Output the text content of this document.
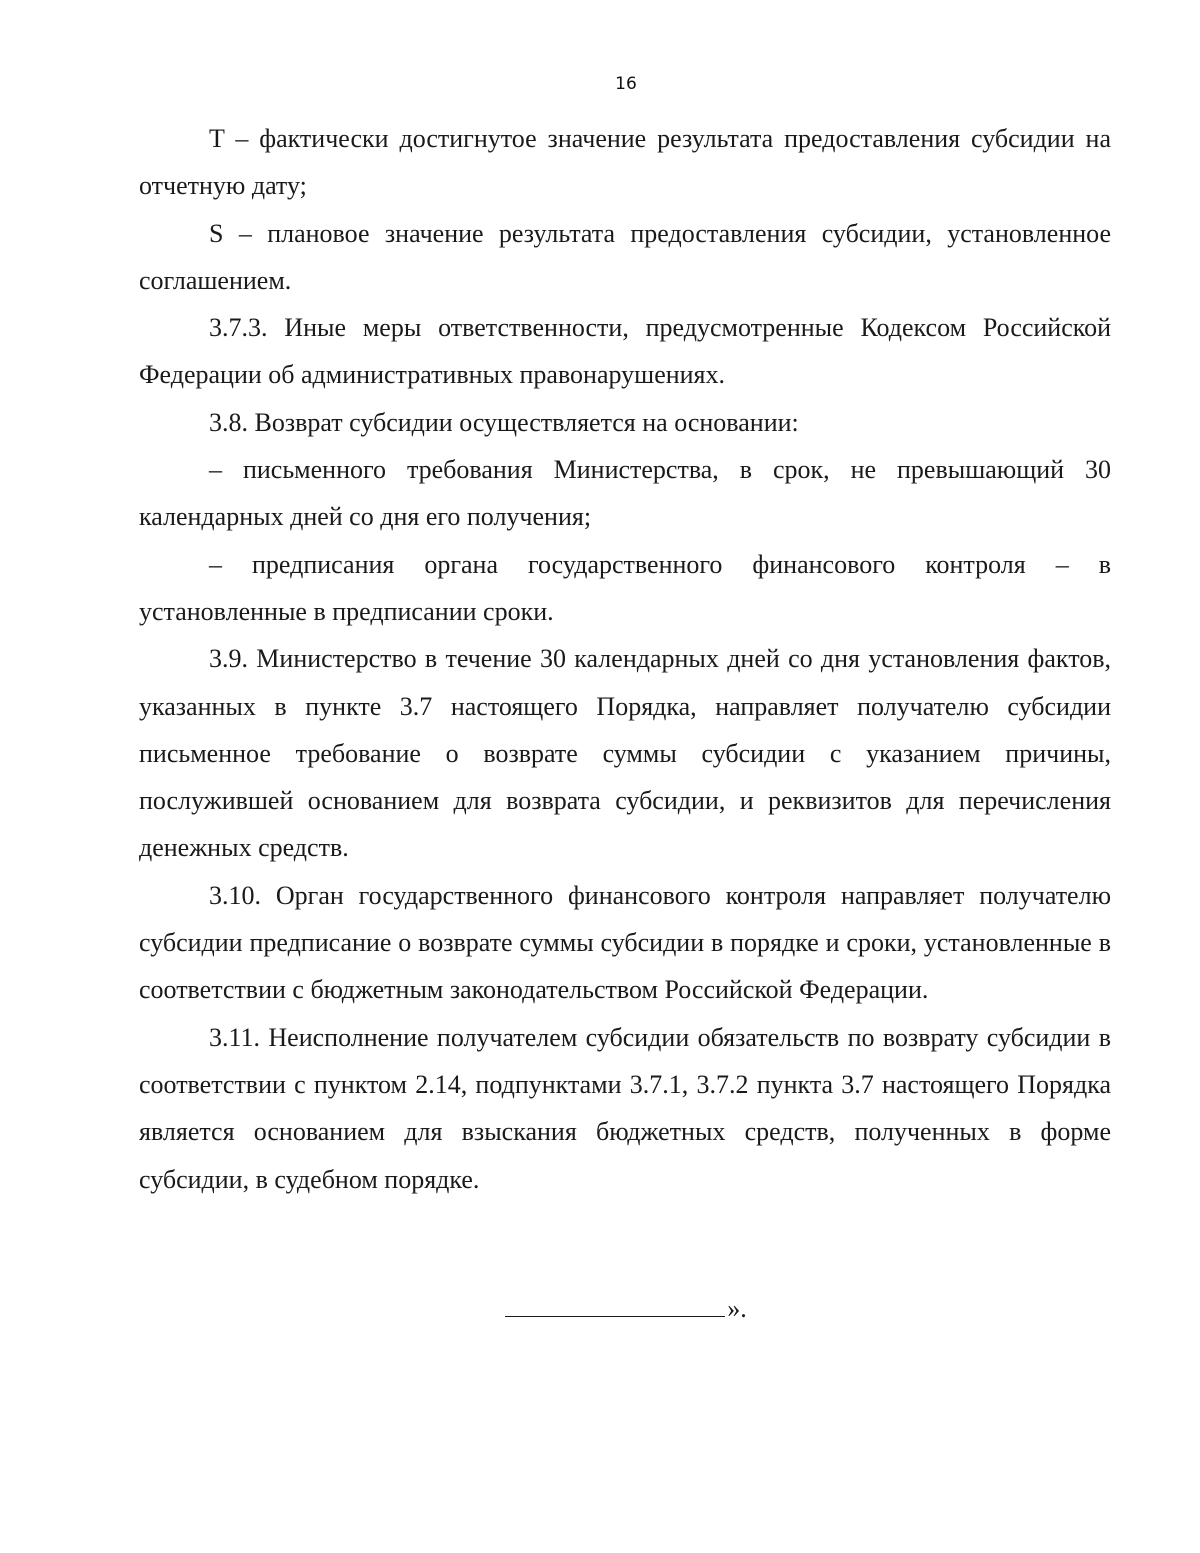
16

T – фактически достигнутое значение результата предоставления субсидии на отчетную дату;

S – плановое значение результата предоставления субсидии, установленное соглашением.

3.7.3. Иные меры ответственности, предусмотренные Кодексом Российской Федерации об административных правонарушениях.

3.8. Возврат субсидии осуществляется на основании:

– письменного требования Министерства, в срок, не превышающий 30 календарных дней со дня его получения;

– предписания органа государственного финансового контроля – в установленные в предписании сроки.

3.9. Министерство в течение 30 календарных дней со дня установления фактов, указанных в пункте 3.7 настоящего Порядка, направляет получателю субсидии письменное требование о возврате суммы субсидии с указанием причины, послужившей основанием для возврата субсидии, и реквизитов для перечисления денежных средств.

3.10. Орган государственного финансового контроля направляет получателю субсидии предписание о возврате суммы субсидии в порядке и сроки, установленные в соответствии с бюджетным законодательством Российской Федерации.

3.11. Неисполнение получателем субсидии обязательств по возврату субсидии в соответствии с пунктом 2.14, подпунктами 3.7.1, 3.7.2 пункта 3.7 настоящего Порядка является основанием для взыскания бюджетных средств, полученных в форме субсидии, в судебном порядке.

».
